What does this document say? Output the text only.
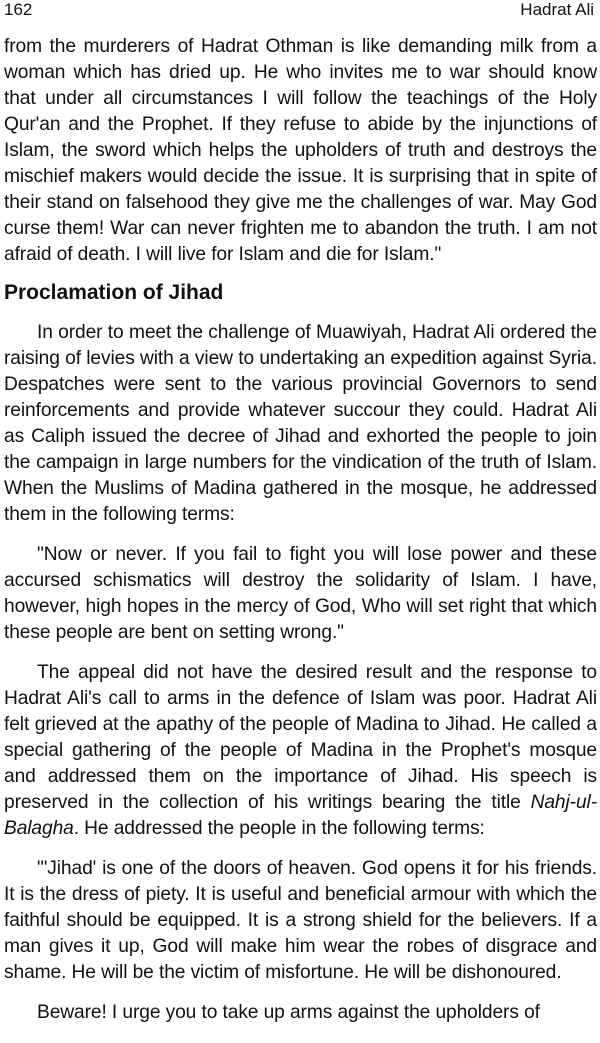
162	Hadrat Ali

from the murderers of Hadrat Othman is like demanding milk from a woman which has dried up. He who invites me to war should know that under all circumstances I will follow the teachings of the Holy Qur'an and the Prophet. If they refuse to abide by the injunctions of Islam, the sword which helps the upholders of truth and destroys the mischief makers would decide the issue. It is surprising that in spite of their stand on falsehood they give me the challenges of war. May God curse them! War can never frighten me to abandon the truth. I am not afraid of death. I will live for Islam and die for Islam."

Proclamation of Jihad

In order to meet the challenge of Muawiyah, Hadrat Ali ordered the raising of levies with a view to undertaking an expedition against Syria. Despatches were sent to the various provincial Governors to send reinforcements and provide whatever succour they could. Hadrat Ali as Caliph issued the decree of Jihad and exhorted the people to join the campaign in large numbers for the vindication of the truth of Islam. When the Muslims of Madina gathered in the mosque, he addressed them in the following terms:

"Now or never. If you fail to fight you will lose power and these accursed schismatics will destroy the solidarity of Islam. I have, however, high hopes in the mercy of God, Who will set right that which these people are bent on setting wrong."

The appeal did not have the desired result and the response to Hadrat Ali's call to arms in the defence of Islam was poor. Hadrat Ali felt grieved at the apathy of the people of Madina to Jihad. He called a special gathering of the people of Madina in the Prophet's mosque and addressed them on the importance of Jihad. His speech is preserved in the collection of his writings bearing the title Nahj-ul-Balagha. He addressed the people in the following terms:

"'Jihad' is one of the doors of heaven. God opens it for his friends. It is the dress of piety. It is useful and beneficial armour with which the faithful should be equipped. It is a strong shield for the believers. If a man gives it up, God will make him wear the robes of disgrace and shame. He will be the victim of misfortune. He will be dishonoured.

Beware! I urge you to take up arms against the upholders of
